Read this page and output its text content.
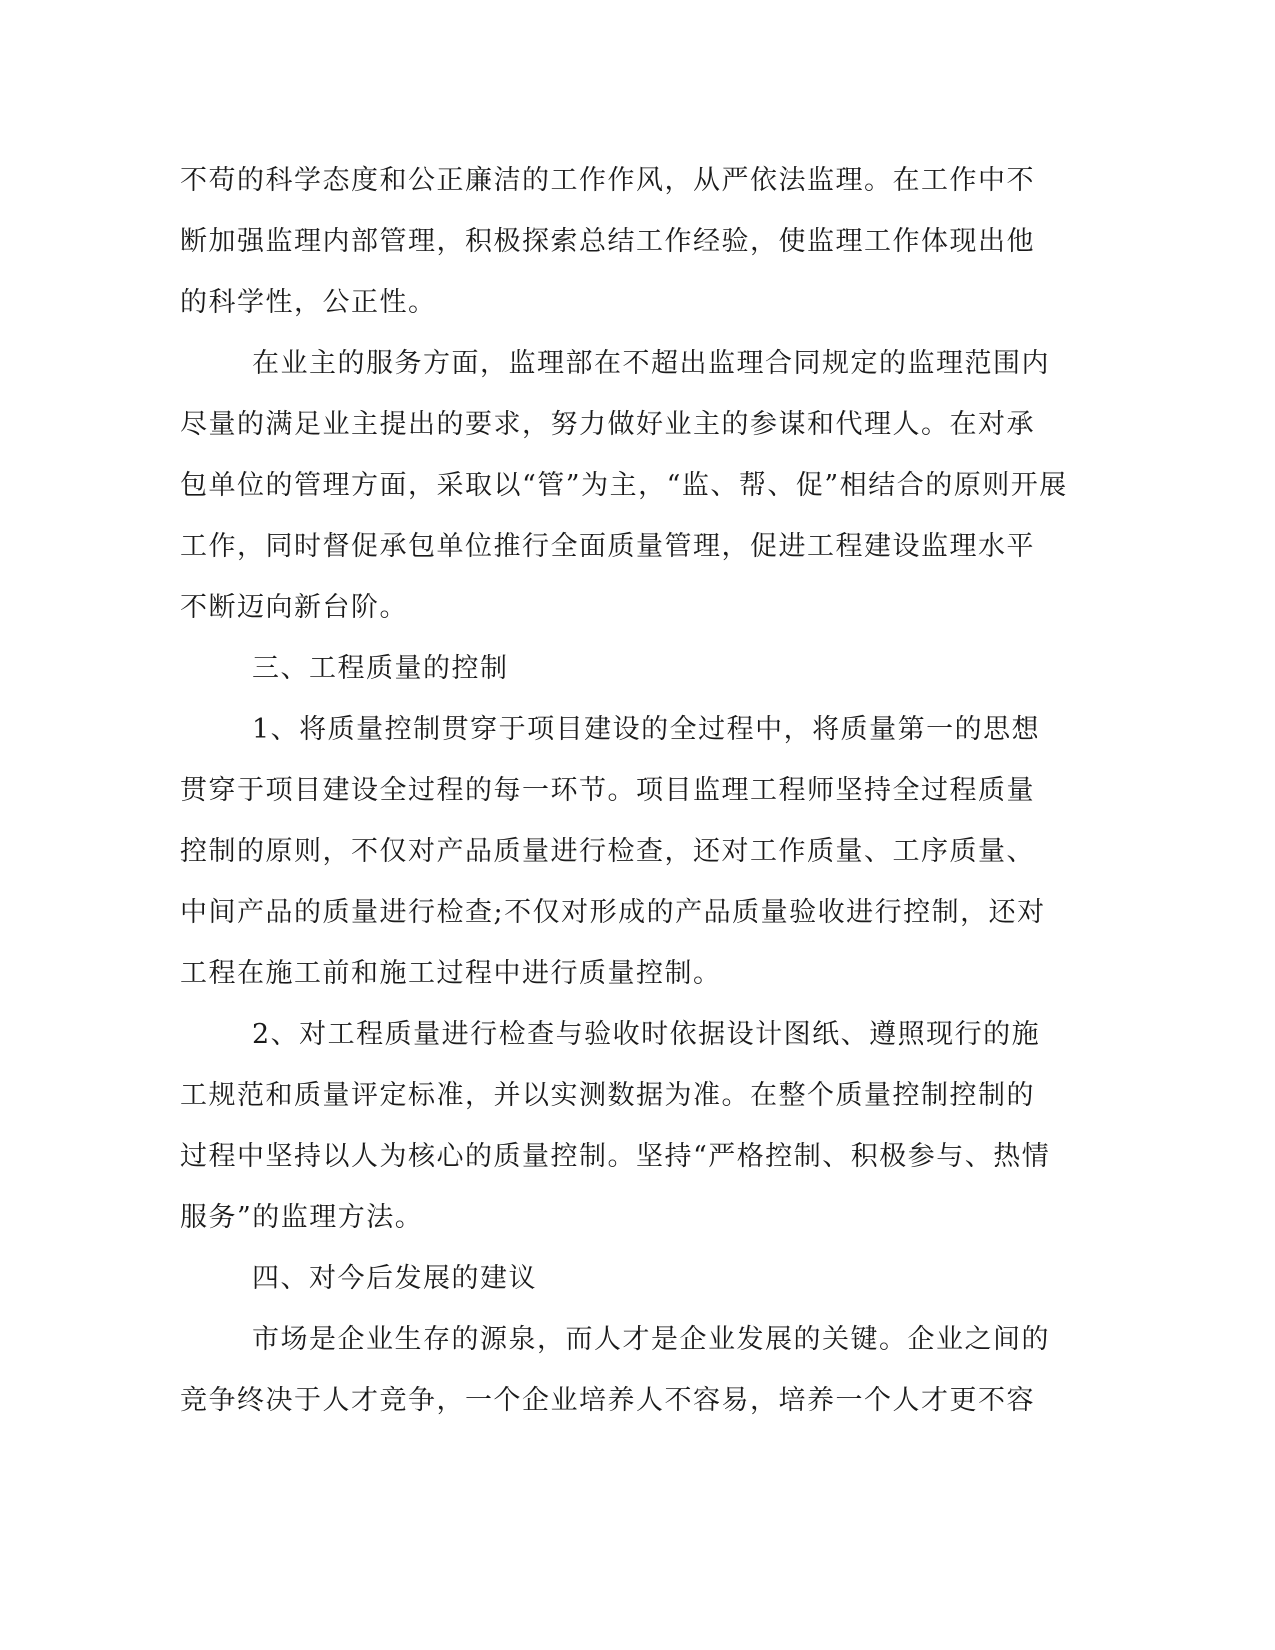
不苟的科学态度和公正廉洁的工作作风，从严依法监理。在工作中不
断加强监理内部管理，积极探索总结工作经验，使监理工作体现出他
的科学性，公正性。
在业主的服务方面，监理部在不超出监理合同规定的监理范围内
尽量的满足业主提出的要求，努力做好业主的参谋和代理人。在对承
包单位的管理方面，采取以“管”为主，“监、帮、促”相结合的原则开展
工作，同时督促承包单位推行全面质量管理，促进工程建设监理水平
不断迈向新台阶。
三、工程质量的控制
1、将质量控制贯穿于项目建设的全过程中，将质量第一的思想
贯穿于项目建设全过程的每一环节。项目监理工程师坚持全过程质量
控制的原则，不仅对产品质量进行检查，还对工作质量、工序质量、
中间产品的质量进行检查;不仅对形成的产品质量验收进行控制，还对
工程在施工前和施工过程中进行质量控制。
2、对工程质量进行检查与验收时依据设计图纸、遵照现行的施
工规范和质量评定标准，并以实测数据为准。在整个质量控制控制的
过程中坚持以人为核心的质量控制。坚持“严格控制、积极参与、热情
服务”的监理方法。
四、对今后发展的建议
市场是企业生存的源泉，而人才是企业发展的关键。企业之间的
竞争终决于人才竞争，一个企业培养人不容易，培养一个人才更不容
